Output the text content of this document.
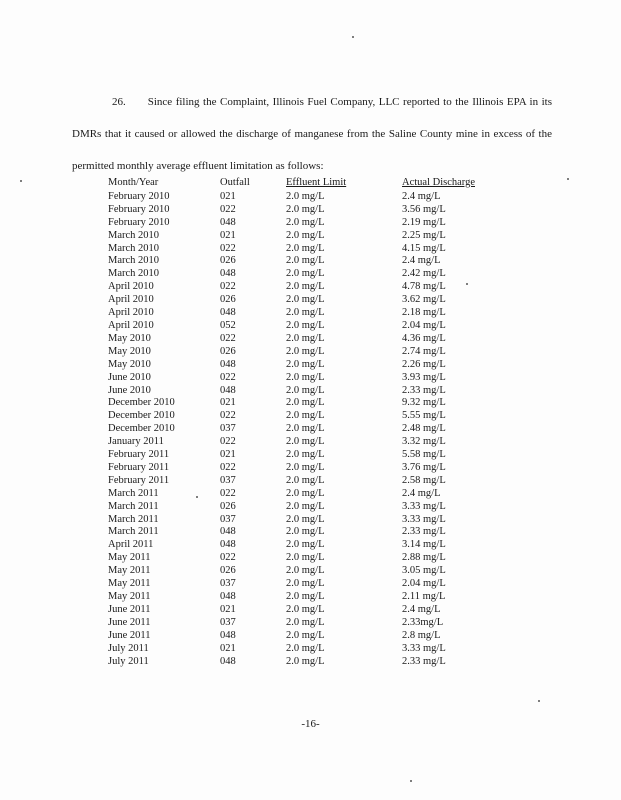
26. Since filing the Complaint, Illinois Fuel Company, LLC reported to the Illinois EPA in its DMRs that it caused or allowed the discharge of manganese from the Saline County mine in excess of the permitted monthly average effluent limitation as follows:
Month/Year	Outfall	Effluent Limit	Actual Discharge
February 2010	021	2.0 mg/L	2.4 mg/L
February 2010	022	2.0 mg/L	3.56 mg/L
February 2010	048	2.0 mg/L	2.19 mg/L
March 2010	021	2.0 mg/L	2.25 mg/L
March 2010	022	2.0 mg/L	4.15 mg/L
March 2010	026	2.0 mg/L	2.4 mg/L
March 2010	048	2.0 mg/L	2.42 mg/L
April 2010	022	2.0 mg/L	4.78 mg/L
April 2010	026	2.0 mg/L	3.62 mg/L
April 2010	048	2.0 mg/L	2.18 mg/L
April 2010	052	2.0 mg/L	2.04 mg/L
May 2010	022	2.0 mg/L	4.36 mg/L
May 2010	026	2.0 mg/L	2.74 mg/L
May 2010	048	2.0 mg/L	2.26 mg/L
June 2010	022	2.0 mg/L	3.93 mg/L
June 2010	048	2.0 mg/L	2.33 mg/L
December 2010	021	2.0 mg/L	9.32 mg/L
December 2010	022	2.0 mg/L	5.55 mg/L
December 2010	037	2.0 mg/L	2.48 mg/L
January 2011	022	2.0 mg/L	3.32 mg/L
February 2011	021	2.0 mg/L	5.58 mg/L
February 2011	022	2.0 mg/L	3.76 mg/L
February 2011	037	2.0 mg/L	2.58 mg/L
March 2011	022	2.0 mg/L	2.4 mg/L
March 2011	026	2.0 mg/L	3.33 mg/L
March 2011	037	2.0 mg/L	3.33 mg/L
March 2011	048	2.0 mg/L	2.33 mg/L
April 2011	048	2.0 mg/L	3.14 mg/L
May 2011	022	2.0 mg/L	2.88 mg/L
May 2011	026	2.0 mg/L	3.05 mg/L
May 2011	037	2.0 mg/L	2.04 mg/L
May 2011	048	2.0 mg/L	2.11 mg/L
June 2011	021	2.0 mg/L	2.4 mg/L
June 2011	037	2.0 mg/L	2.33mg/L
June 2011	048	2.0 mg/L	2.8 mg/L
July 2011	021	2.0 mg/L	3.33 mg/L
July 2011	048	2.0 mg/L	2.33 mg/L
-16-
